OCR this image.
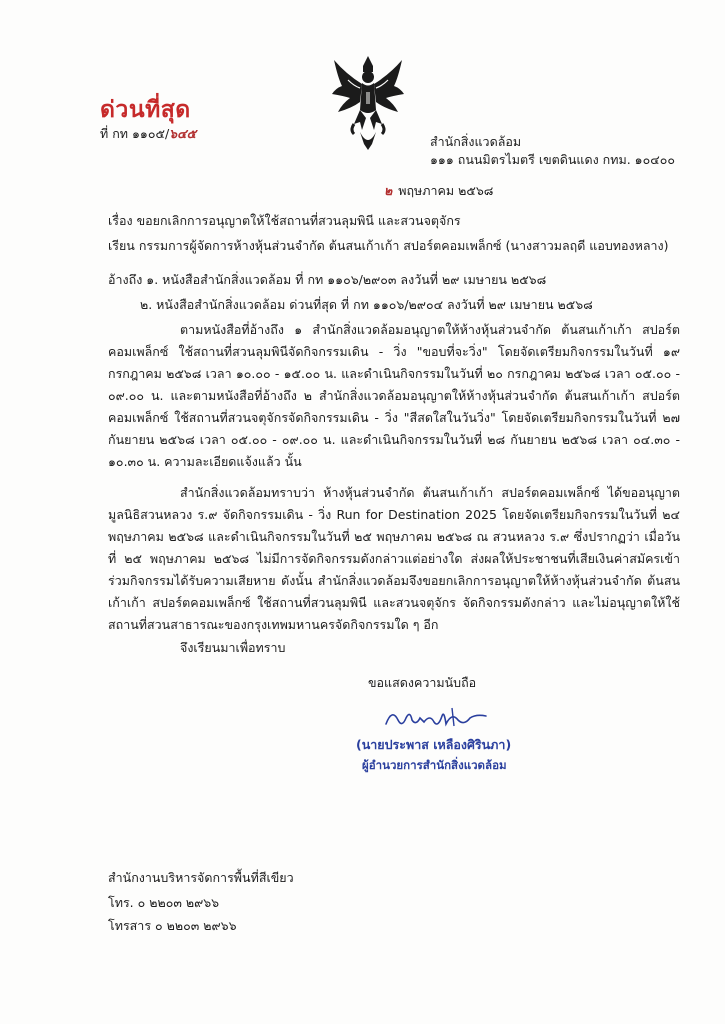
ด่วนที่สุด
ที่ กท ๑๑๐๕/๖๔๕
สำนักสิ่งแวดล้อม
๑๑๑ ถนนมิตรไมตรี เขตดินแดง กทม. ๑๐๔๐๐
๒ พฤษภาคม ๒๕๖๘
เรื่อง ขอยกเลิกการอนุญาตให้ใช้สถานที่สวนลุมพินี และสวนจตุจักร
เรียน กรรมการผู้จัดการห้างหุ้นส่วนจำกัด ต้นสนเก้าเก้า สปอร์ตคอมเพล็กซ์ (นางสาวมลฤดี แอบทองหลาง)
อ้างถึง ๑. หนังสือสำนักสิ่งแวดล้อม ที่ กท ๑๑๐๖/๒๙๐๓ ลงวันที่ ๒๙ เมษายน ๒๕๖๘
๒. หนังสือสำนักสิ่งแวดล้อม ด่วนที่สุด ที่ กท ๑๑๐๖/๒๙๐๔ ลงวันที่ ๒๙ เมษายน ๒๕๖๘
ตามหนังสือที่อ้างถึง ๑ สำนักสิ่งแวดล้อมอนุญาตให้ห้างหุ้นส่วนจำกัด ต้นสนเก้าเก้า สปอร์ตคอมเพล็กซ์ ใช้สถานที่สวนลุมพินีจัดกิจกรรมเดิน - วิ่ง "ขอบที่จะวิ่ง" โดยจัดเตรียมกิจกรรมในวันที่ ๑๙ กรกฎาคม ๒๕๖๘ เวลา ๑๐.๐๐ - ๑๕.๐๐ น. และดำเนินกิจกรรมในวันที่ ๒๐ กรกฎาคม ๒๕๖๘ เวลา ๐๕.๐๐ - ๐๙.๐๐ น. และตามหนังสือที่อ้างถึง ๒ สำนักสิ่งแวดล้อมอนุญาตให้ห้างหุ้นส่วนจำกัด ต้นสนเก้าเก้า สปอร์ตคอมเพล็กซ์ ใช้สถานที่สวนจตุจักรจัดกิจกรรมเดิน - วิ่ง "สีสดใสในวันวิ่ง" โดยจัดเตรียมกิจกรรมในวันที่ ๒๗ กันยายน ๒๕๖๘ เวลา ๐๕.๐๐ - ๐๙.๐๐ น. และดำเนินกิจกรรมในวันที่ ๒๘ กันยายน ๒๕๖๘ เวลา ๐๔.๓๐ - ๑๐.๓๐ น. ความละเอียดแจ้งแล้ว นั้น
สำนักสิ่งแวดล้อมทราบว่า ห้างหุ้นส่วนจำกัด ต้นสนเก้าเก้า สปอร์ตคอมเพล็กซ์ ได้ขออนุญาต มูลนิธิสวนหลวง ร.๙ จัดกิจกรรมเดิน - วิ่ง Run for Destination 2025 โดยจัดเตรียมกิจกรรมในวันที่ ๒๔ พฤษภาคม ๒๕๖๘ และดำเนินกิจกรรมในวันที่ ๒๕ พฤษภาคม ๒๕๖๘ ณ สวนหลวง ร.๙ ซึ่งปรากฏว่า เมื่อวันที่ ๒๕ พฤษภาคม ๒๕๖๘ ไม่มีการจัดกิจกรรมดังกล่าวแต่อย่างใด ส่งผลให้ประชาชนที่เสียเงินค่าสมัครเข้าร่วมกิจกรรมได้รับความเสียหาย ดังนั้น สำนักสิ่งแวดล้อมจึงขอยกเลิกการอนุญาตให้ห้างหุ้นส่วนจำกัด ต้นสนเก้าเก้า สปอร์ตคอมเพล็กซ์ ใช้สถานที่สวนลุมพินี และสวนจตุจักร จัดกิจกรรมดังกล่าว และไม่อนุญาตให้ใช้สถานที่สวนสาธารณะของกรุงเทพมหานครจัดกิจกรรมใด ๆ อีก
จึงเรียนมาเพื่อทราบ
ขอแสดงความนับถือ
(นายประพาส เหลืองศิรินภา)
ผู้อำนวยการสำนักสิ่งแวดล้อม
สำนักงานบริหารจัดการพื้นที่สีเขียว
โทร. ๐ ๒๒๐๓ ๒๙๖๖
โทรสาร ๐ ๒๒๐๓ ๒๙๖๖
